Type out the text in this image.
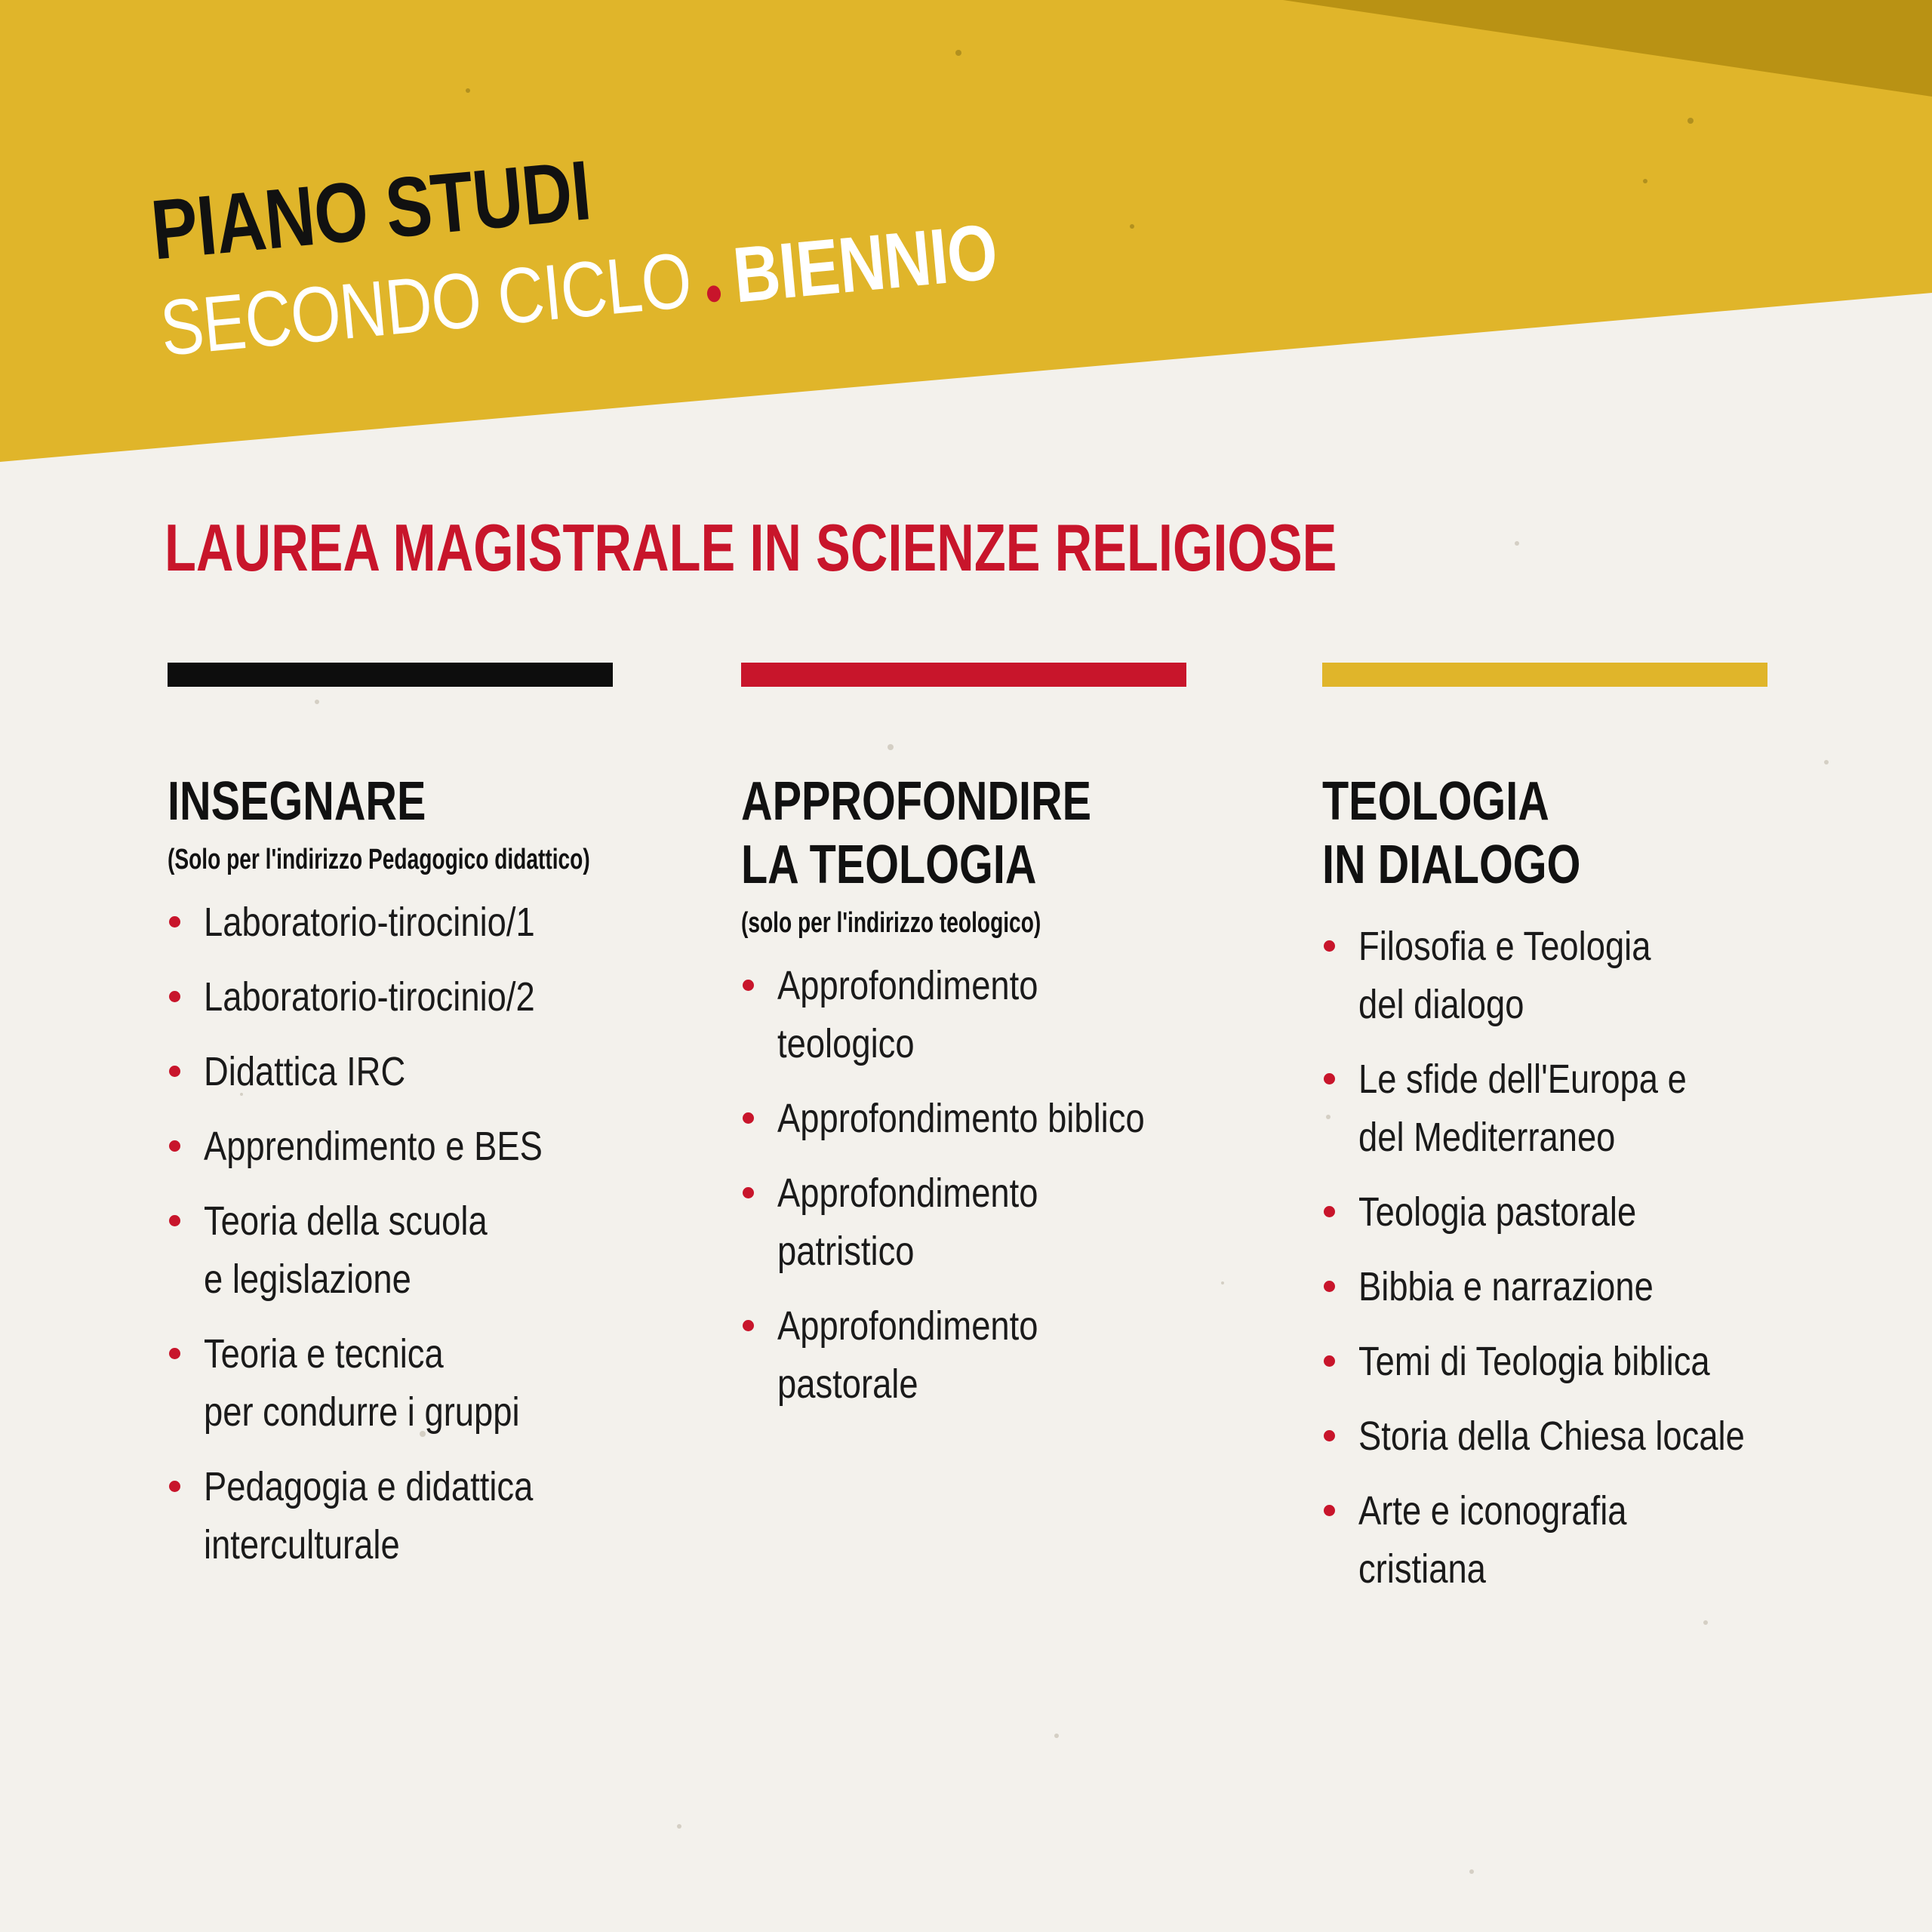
PIANO STUDI
SECONDO CICLO BIENNIO
LAUREA MAGISTRALE IN SCIENZE RELIGIOSE
INSEGNARE
(Solo per l'indirizzo Pedagogico didattico)
Laboratorio-tirocinio/1
Laboratorio-tirocinio/2
Didattica IRC
Apprendimento e BES
Teoria della scuola
e legislazione
Teoria e tecnica
per condurre i gruppi
Pedagogia e didattica
interculturale
APPROFONDIRE
LA TEOLOGIA
(solo per l'indirizzo teologico)
Approfondimento
teologico
Approfondimento biblico
Approfondimento
patristico
Approfondimento
pastorale
TEOLOGIA
IN DIALOGO
Filosofia e Teologia
del dialogo
Le sfide dell'Europa e
del Mediterraneo
Teologia pastorale
Bibbia e narrazione
Temi di Teologia biblica
Storia della Chiesa locale
Arte e iconografia
cristiana
